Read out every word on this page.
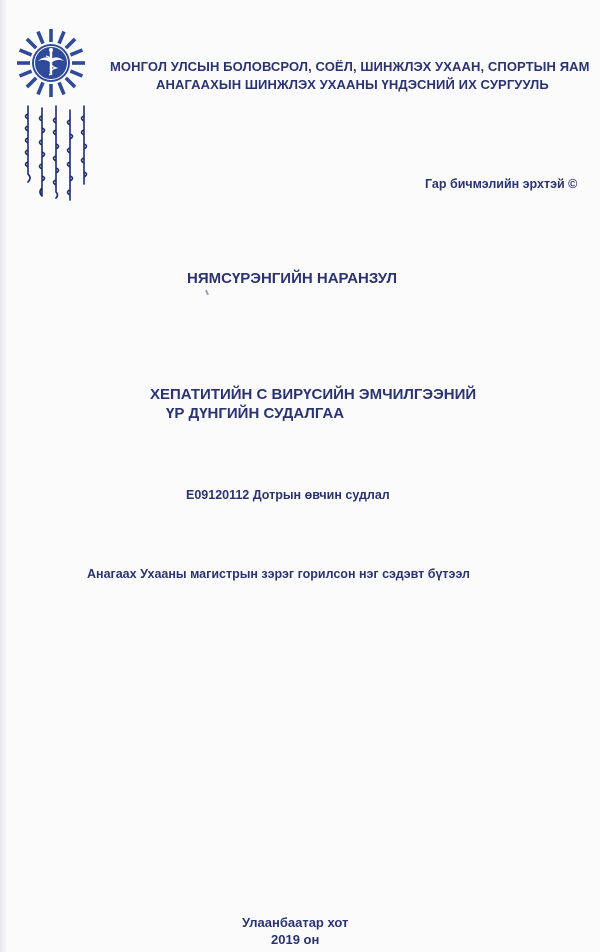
МОНГОЛ УЛСЫН БОЛОВСРОЛ, СОЁЛ, ШИНЖЛЭХ УХААН, СПОРТЫН ЯАМ
АНАГААХЫН ШИНЖЛЭХ УХААНЫ ҮНДЭСНИЙ ИХ СУРГУУЛЬ
Гар бичмэлийн эрхтэй ©
НЯМСҮРЭНГИЙН НАРАНЗУЛ
ХЕПАТИТИЙН С ВИРҮСИЙН ЭМЧИЛГЭЭНИЙ
ҮР ДҮНГИЙН СУДАЛГАА
E09120112 Дотрын өвчин судлал
Анагаах Ухааны магистрын зэрэг горилсон нэг сэдэвт бүтээл
Улаанбаатар хот
2019 он
